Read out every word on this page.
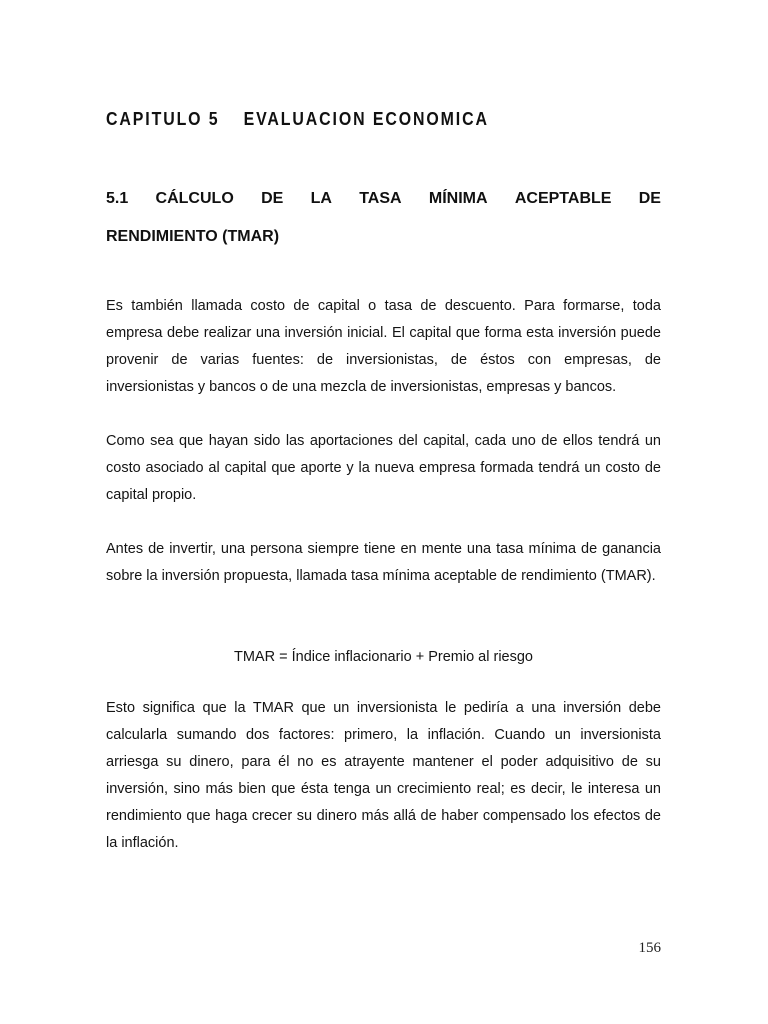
CAPITULO 5 EVALUACION ECONOMICA
5.1 CÁLCULO DE LA TASA MÍNIMA ACEPTABLE DE
RENDIMIENTO (TMAR)

Es también llamada costo de capital o tasa de descuento. Para formarse, toda empresa debe realizar una inversión inicial. El capital que forma esta inversión puede provenir de varias fuentes: de inversionistas, de éstos con empresas, de inversionistas y bancos o de una mezcla de inversionistas, empresas y bancos.

Como sea que hayan sido las aportaciones del capital, cada uno de ellos tendrá un costo asociado al capital que aporte y la nueva empresa formada tendrá un costo de capital propio.

Antes de invertir, una persona siempre tiene en mente una tasa mínima de ganancia sobre la inversión propuesta, llamada tasa mínima aceptable de rendimiento (TMAR).

TMAR = Índice inflacionario + Premio al riesgo

Esto significa que la TMAR que un inversionista le pediría a una inversión debe calcularla sumando dos factores: primero, la inflación. Cuando un inversionista arriesga su dinero, para él no es atrayente mantener el poder adquisitivo de su inversión, sino más bien que ésta tenga un crecimiento real; es decir, le interesa un rendimiento que haga crecer su dinero más allá de haber compensado los efectos de la inflación.

156
